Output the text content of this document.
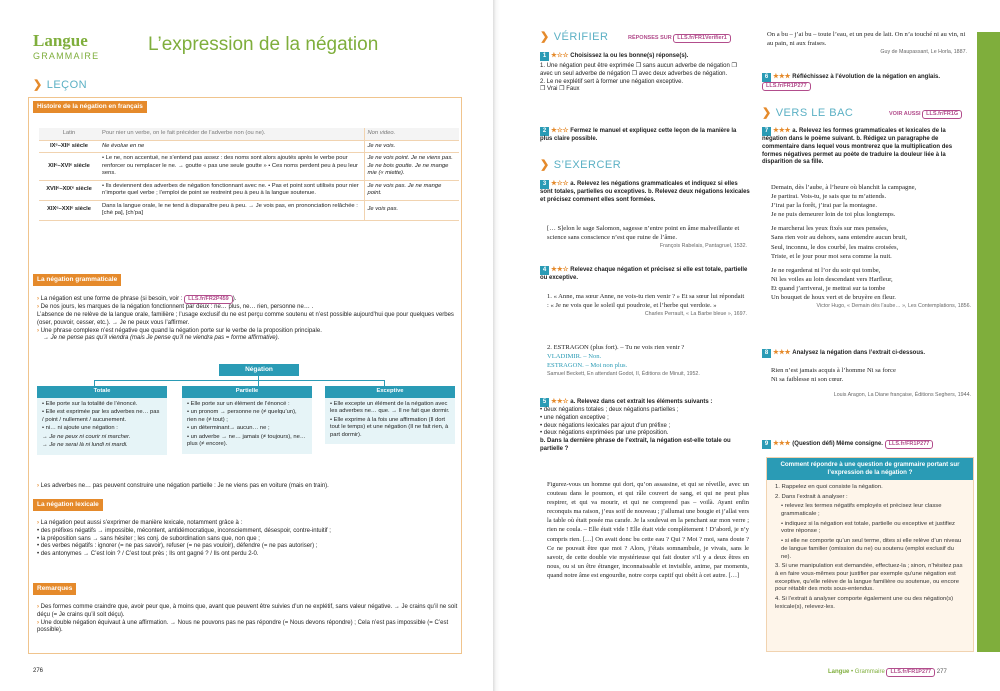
Langue
GRAMMAIRE
L’expression de la négation
❯ LEÇON
Histoire de la négation en français
Latin	Pour nier un verbe, on le fait précéder de l’adverbe non (ou ne).	Non video.
IXᵉ–XIIᵉ siècle	Ne évolue en ne	Je ne vois.
XIIᵉ–XVIᵉ siècle	• Le ne, non accentué, ne s’entend pas assez : des noms sont alors ajoutés après le verbe pour renforcer ou remplacer le ne. → goutte « pas une seule goutte » • Ces noms perdent peu à peu leur sens.	Je ne vois point. Je ne viens pas. Je ne bois goutte. Je ne mange mie (« miette).
XVIIᵉ–XIXᵉ siècle	• Ils deviennent des adverbes de négation fonctionnant avec ne. • Pas et point sont utilisés pour nier n’importe quel verbe ; l’emploi de point se restreint peu à peu à la langue soutenue.	Je ne vois pas. Je ne mange point.
XIXᵉ–XXIᵉ siècle	Dans la langue orale, le ne tend à disparaître peu à peu. → Je vois pas, en prononciation relâchée : [chè pa], [ch’pa]	Je vois pas.
La négation grammaticale
› La négation est une forme de phrase (si besoin, voir : LLS.fr/FR2P459 ).
› De nos jours, les marques de la négation fonctionnent par deux : ne… plus, ne… rien, personne ne… .
L’absence de ne relève de la langue orale, familière ; l’usage exclusif du ne est perçu comme soutenu et n’est possible aujourd’hui que pour quelques verbes (oser, pouvoir, cesser, etc.). → Je ne peux vous l’affirmer.
› Une phrase complexe n’est négative que quand la négation porte sur le verbe de la proposition principale.
→ Je ne pense pas qu’il viendra (mais Je pense qu’il ne viendra pas = forme affirmative).
Négation
Totale
• Elle porte sur la totalité de l’énoncé.
• Elle est exprimée par les adverbes ne… pas / point / nullement / aucunement.
• ni… ni ajoute une négation :
→ Je ne peux ni courir ni marcher.
→ Je ne serai là ni lundi ni mardi.
Partielle
• Elle porte sur un élément de l’énoncé :
• un pronom → personne ne (≠ quelqu’un), rien ne (≠ tout) ;
• un déterminant→ aucun… ne ;
• un adverbe → ne… jamais (≠ toujours), ne… plus (≠ encore).
Exceptive
• Elle excepte un élément de la négation avec les adverbes ne… que. → Il ne fait que dormir.
• Elle exprime à la fois une affirmation (Il dort tout le temps) et une négation (Il ne fait rien, à part dormir).
› Les adverbes ne… pas peuvent construire une négation partielle : Je ne viens pas en voiture (mais en train).
La négation lexicale
› La négation peut aussi s’exprimer de manière lexicale, notamment grâce à :
• des préfixes négatifs → impossible, mécontent, antidémocratique, inconsciemment, désespoir, contre-intuitif ;
• la préposition sans → sans hésiter ; les conj. de subordination sans que, non que ;
• des verbes négatifs : ignorer (= ne pas savoir), refuser (= ne pas vouloir), défendre (= ne pas autoriser) ;
• des antonymes → C’est loin ? / C’est tout près ; Ils ont gagné ? / Ils ont perdu 2-0.
Remarques
› Des formes comme craindre que, avoir peur que, à moins que, avant que peuvent être suivies d’un ne explétif, sans valeur négative. → Je crains qu’il ne soit déçu (= Je crains qu’il soit déçu).
› Une double négation équivaut à une affirmation. → Nous ne pouvons pas ne pas répondre (= Nous devons répondre) ; Cela n’est pas impossible (= C’est possible).
276
❯ VÉRIFIER	RÉPONSES SUR LLS.fr/FR1Verifier1
1 ★☆☆ Choisissez la ou les bonne(s) réponse(s).
1. Une négation peut être exprimée ❒ sans aucun adverbe de négation ❒ avec un seul adverbe de négation ❒ avec deux adverbes de négation.
2. Le ne explétif sert à former une négation exceptive.
❒ Vrai ❒ Faux
2 ★☆☆ Fermez le manuel et expliquez cette leçon de la manière la plus claire possible.
❯ S’EXERCER
3 ★☆☆ a. Relevez les négations grammaticales et indiquez si elles sont totales, partielles ou exceptives. b. Relevez deux négations lexicales et précisez comment elles sont formées.
[… S]elon le sage Salomon, sagesse n’entre point en âme malveillante et science sans conscience n’est que ruine de l’âme.
François Rabelais, Pantagruel, 1532.
4 ★★☆ Relevez chaque négation et précisez si elle est totale, partielle ou exceptive.
1. « Anne, ma sœur Anne, ne vois-tu rien venir ? » Et sa sœur lui répondait : « Je ne vois que le soleil qui poudroie, et l’herbe qui verdoie. »
Charles Perrault, « La Barbe bleue », 1697.
2. ESTRAGON (plus fort). – Tu ne vois rien venir ?
VLADIMIR. – Non.
ESTRAGON. – Moi non plus.
Samuel Beckett, En attendant Godot, II, Éditions de Minuit, 1952.
5 ★★☆ a. Relevez dans cet extrait les éléments suivants :
• deux négations totales ; deux négations partielles ;
• une négation exceptive ;
• deux négations lexicales par ajout d’un préfixe ;
• deux négations exprimées par une préposition.
b. Dans la dernière phrase de l’extrait, la négation est-elle totale ou partielle ?
Figurez-vous un homme qui dort, qu’on assassine, et qui se réveille, avec un couteau dans le poumon, et qui râle couvert de sang, et qui ne peut plus respirer, et qui va mourir, et qui ne comprend pas – voilà. Ayant enfin reconquis ma raison, j’eus soif de nouveau ; j’allumai une bougie et j’allai vers la table où était posée ma carafe. Je la soulevai en la penchant sur mon verre ; rien ne coula. – Elle était vide ! Elle était vide complètement ! D’abord, je n’y compris rien. […] On avait donc bu cette eau ? Qui ? Moi ? moi, sans doute ? Ce ne pouvait être que moi ? Alors, j’étais somnambule, je vivais, sans le savoir, de cette double vie mystérieuse qui fait douter s’il y a deux êtres en nous, ou si un être étranger, inconnaissable et invisible, anime, par moments, quand notre âme est engourdie, notre corps captif qui obéit à cet autre. […]
On a bu – j’ai bu – toute l’eau, et un peu de lait. On n’a touché ni au vin, ni au pain, ni aux fraises.
Guy de Maupassant, Le Horla, 1887.
6 ★★★ Réfléchissez à l’évolution de la négation en anglais. LLS.fr/FR1P277
❯ VERS LE BAC	VOIR AUSSI LLS.fr/FR1G
7 ★★★ a. Relevez les formes grammaticales et lexicales de la négation dans le poème suivant. b. Rédigez un paragraphe de commentaire dans lequel vous montrerez que la multiplication des formes négatives permet au poète de traduire la douleur liée à la disparition de sa fille.
Demain, dès l’aube, à l’heure où blanchit la campagne,
Je partirai. Vois-tu, je sais que tu m’attends.
J’irai par la forêt, j’irai par la montagne.
Je ne puis demeurer loin de toi plus longtemps.
Je marcherai les yeux fixés sur mes pensées,
Sans rien voir au dehors, sans entendre aucun bruit,
Seul, inconnu, le dos courbé, les mains croisées,
Triste, et le jour pour moi sera comme la nuit.
Je ne regarderai ni l’or du soir qui tombe,
Ni les voiles au loin descendant vers Harfleur,
Et quand j’arriverai, je mettrai sur ta tombe
Un bouquet de houx vert et de bruyère en fleur.
Victor Hugo, « Demain dès l’aube… », Les Contemplations, 1856.
8 ★★★ Analysez la négation dans l’extrait ci-dessous.
Rien n’est jamais acquis à l’homme Ni sa force
Ni sa faiblesse ni son cœur.
Louis Aragon, La Diane française, Éditions Seghers, 1944.
9 ★★★ (Question défi) Même consigne. LLS.fr/FR1P277
Comment répondre à une question de grammaire portant sur l’expression de la négation ?
1. Rappelez en quoi consiste la négation.
2. Dans l’extrait à analyser :
• relevez les termes négatifs employés et précisez leur classe grammaticale ;
• indiquez si la négation est totale, partielle ou exceptive et justifiez votre réponse ;
• si elle ne comporte qu’un seul terme, dites si elle relève d’un niveau de langue familier (omission du ne) ou soutenu (emploi exclusif du ne).
3. Si une manipulation est demandée, effectuez-la ; sinon, n’hésitez pas à en faire vous-mêmes pour justifier par exemple qu’une négation est exceptive, qu’elle relève de la langue familière ou soutenue, ou encore pour rétablir des mots sous-entendus.
4. Si l’extrait à analyser comporte également une ou des négation(s) lexicale(s), relevez-les.
Langue • Grammaire LLS.fr/FR1P277 277
